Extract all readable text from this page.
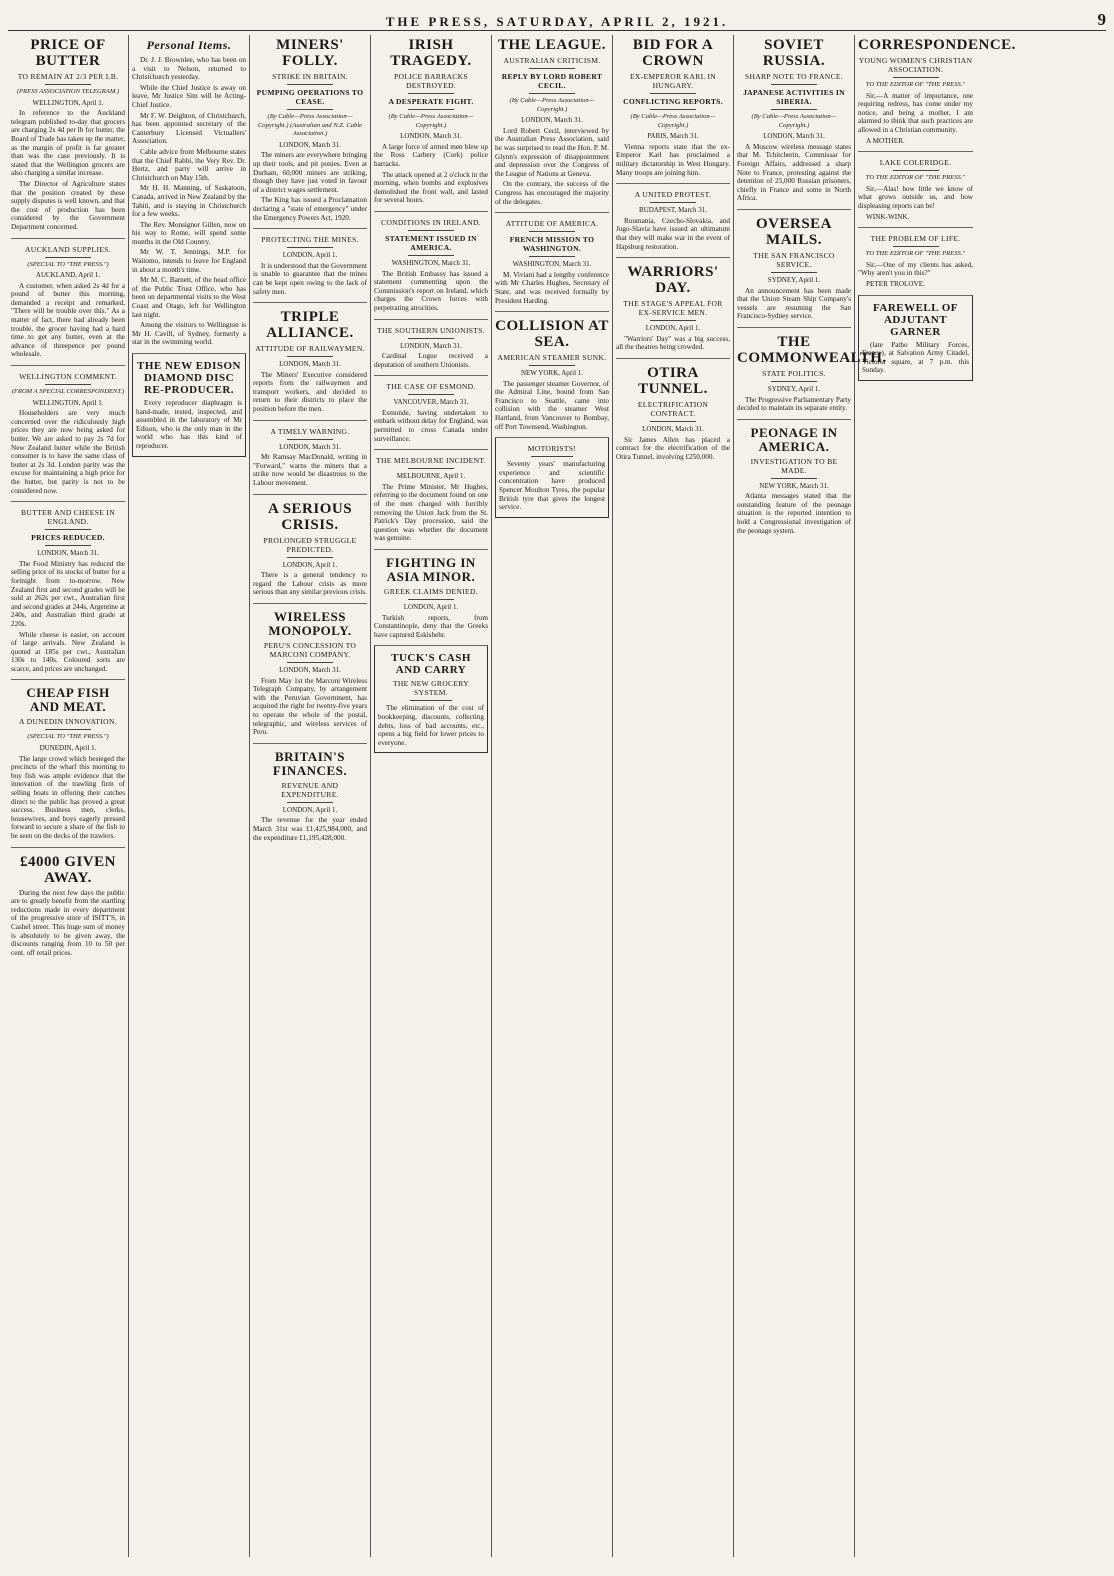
THE PRESS, SATURDAY, APRIL 2, 1921.	9
PRICE OF BUTTER
TO REMAIN AT 2/3 PER LB.
(PRESS ASSOCIATION TELEGRAM.)
WELLINGTON, April 1.

In reference to the Auckland telegram published to-day that grocers are charging 2s 4d per lb for butter, the Board of Trade has taken up the matter, as the margin of profit is far greater than was the case previously. It is stated that the Wellington grocers are also charging a similar increase.

The Director of Agriculture states that the position created by these supply disputes is well known, and that the cost of production has been considered by the Government Department concerned.

AUCKLAND SUPPLIES.
(SPECIAL TO "THE PRESS.")
AUCKLAND, April 1.

A customer, when asked 2s 4d for a pound of butter this morning, demanded a receipt and remarked, "There will be trouble over this." As a matter of fact, there had already been trouble, the grocer having had a hard time to get any butter, even at the advance of threepence per pound wholesale.

WELLINGTON COMMENT.
(FROM A SPECIAL CORRESPONDENT.)
WELLINGTON, April 1.

Householders are very much concerned over the ridiculously high prices they are now being asked for butter. We are asked to pay 2s 7d for New Zealand butter while the British consumer is to have the same class of butter at 2s 3d. London parity was the excuse for maintaining a high price for the butter, but parity is not to be considered now.

BUTTER AND CHEESE IN ENGLAND.
PRICES REDUCED.
LONDON, March 31.

The Food Ministry has reduced the selling price of its stocks of butter for a fortnight from to-morrow. New Zealand first and second grades will be sold at 262s per cwt., Australian first and second grades at 244s, Argentine at 240s, and Australian third grade at 220s.

While cheese is easier, on account of large arrivals. New Zealand is quoted at 185s per cwt., Australian 130s to 140s. Coloured sorts are scarce, and prices are unchanged.

CHEAP FISH AND MEAT.
A DUNEDIN INNOVATION.
(SPECIAL TO "THE PRESS.")
DUNEDIN, April 1.

The large crowd which besieged the precincts of the wharf this morning to buy fish was ample evidence that the innovation of the trawling firm of selling boats in offering their catches direct to the public has proved a great success. Business men, clerks, housewives, and boys eagerly pressed forward to secure a share of the fish to be seen on the decks of the trawlers.

£4000 GIVEN AWAY.

During the next few days the public are to greatly benefit from the startling reductions made in every department of the progressive store of ISITT'S, in Cashel street. This huge sum of money is absolutely to be given away, the discounts ranging from 10 to 50 per cent. off retail prices.

Personal Items.

Dr. J. J. Brownlee, who has been on a visit to Nelson, returned to Christchurch yesterday.

While the Chief Justice is away on leave, Mr Justice Sim will be Acting-Chief Justice.

Mr F. W. Deighton, of Christchurch, has been appointed secretary of the Canterbury Licensed Victuallers' Association.

Cable advice from Melbourne states that the Chief Rabbi, the Very Rev. Dr. Hertz, and party will arrive in Christchurch on May 15th.

Mr H. H. Manning, of Saskatoon, Canada, arrived in New Zealand by the Tahiti, and is staying in Christchurch for a few weeks.

The Rev. Monsignor Gillen, now on his way to Rome, will spend some months in the Old Country.

Mr W. T. Jennings, M.P. for Waitomo, intends to leave for England in about a month's time.

Mr M. C. Barnett, of the head office of the Public Trust Office, who has been on departmental visits to the West Coast and Otago, left for Wellington last night.

Among the visitors to Wellington is Mr H. Cavill, of Sydney, formerly a star in the swimming world.

THE NEW EDISON DIAMOND DISC RE-PRODUCER.

Every reproducer diaphragm is hand-made, tested, inspected, and assembled in the laboratory of Mr Edison, who is the only man in the world who has this kind of reproducer.

MINERS' FOLLY.
STRIKE IN BRITAIN.
PUMPING OPERATIONS TO CEASE.
(By Cable—Press Association—Copyright.) (Australian and N.Z. Cable Association.)
LONDON, March 31.

The miners are everywhere bringing up their tools, and pit ponies. Even at Durham, 60,000 miners are striking, though they have just voted in favour of a district wages settlement.

The King has issued a Proclamation declaring a "state of emergency" under the Emergency Powers Act, 1920.

PROTECTING THE MINES.
LONDON, April 1.

It is understood that the Government is unable to guarantee that the mines can be kept open owing to the lack of safety men.

TRIPLE ALLIANCE.
ATTITUDE OF RAILWAYMEN.
LONDON, March 31.

The Miners' Executive considered reports from the railwaymen and transport workers, and decided to return to their districts to place the position before the men.

A TIMELY WARNING.
LONDON, March 31.

Mr Ramsay MacDonald, writing in "Forward," warns the miners that a strike now would be disastrous to the Labour movement.

A SERIOUS CRISIS.
PROLONGED STRUGGLE PREDICTED.
LONDON, April 1.

There is a general tendency to regard the Labour crisis as more serious than any similar previous crisis.

WIRELESS MONOPOLY.
PERU'S CONCESSION TO MARCONI COMPANY.
LONDON, March 31.

From May 1st the Marconi Wireless Telegraph Company, by arrangement with the Peruvian Government, has acquired the right for twenty-five years to operate the whole of the postal, telegraphic, and wireless services of Peru.

BRITAIN'S FINANCES.
REVENUE AND EXPENDITURE.
LONDON, April 1.

The revenue for the year ended March 31st was £1,425,984,000, and the expenditure £1,195,428,000.

IRISH TRAGEDY.
POLICE BARRACKS DESTROYED.
A DESPERATE FIGHT.
(By Cable—Press Association—Copyright.)
LONDON, March 31.

A large force of armed men blew up the Ross Carbery (Cork) police barracks.

The attack opened at 2 o'clock in the morning, when bombs and explosives demolished the front wall, and lasted for several hours.

CONDITIONS IN IRELAND.
STATEMENT ISSUED IN AMERICA.
WASHINGTON, March 31.

The British Embassy has issued a statement commenting upon the Commission's report on Ireland, which charges the Crown forces with perpetrating atrocities.

THE SOUTHERN UNIONISTS.
LONDON, March 31.

Cardinal Logue received a deputation of southern Unionists.

THE CASE OF ESMOND.
VANCOUVER, March 31.

Esmonde, having undertaken to embark without delay for England, was permitted to cross Canada under surveillance.

THE MELBOURNE INCIDENT.
MELBOURNE, April 1.

The Prime Minister, Mr Hughes, referring to the document found on one of the men charged with forcibly removing the Union Jack from the St. Patrick's Day procession, said the question was whether the document was genuine.

FIGHTING IN ASIA MINOR.
GREEK CLAIMS DENIED.
LONDON, April 1.

Turkish reports, from Constantinople, deny that the Greeks have captured Eskishehr.

TUCK'S CASH AND CARRY
THE NEW GROCERY SYSTEM.

The elimination of the cost of bookkeeping, discounts, collecting debts, loss of bad accounts, etc., opens a big field for lower prices to everyone.

THE LEAGUE.
AUSTRALIAN CRITICISM.
REPLY BY LORD ROBERT CECIL.
(By Cable—Press Association—Copyright.)
LONDON, March 31.

Lord Robert Cecil, interviewed by the Australian Press Association, said he was surprised to read the Hon. P. M. Glynn's expression of disappointment and depression over the Congress of the League of Nations at Geneva.

On the contrary, the success of the Congress has encouraged the majority of the delegates.

ATTITUDE OF AMERICA.
FRENCH MISSION TO WASHINGTON.
WASHINGTON, March 31.

M. Viviani had a lengthy conference with Mr Charles Hughes, Secretary of State, and was received formally by President Harding.

COLLISION AT SEA.
AMERICAN STEAMER SUNK.
NEW YORK, April 1.

The passenger steamer Governor, of the Admiral Line, bound from San Francisco to Seattle, came into collision with the steamer West Hartland, from Vancouver to Bombay, off Port Townsend, Washington.

MOTORISTS!

Seventy years' manufacturing experience and scientific concentration have produced Spencer Moulton Tyres, the popular British tyre that gives the longest service.

BID FOR A CROWN
EX-EMPEROR KARL IN HUNGARY.
CONFLICTING REPORTS.
(By Cable—Press Association—Copyright.)
PARIS, March 31.

Vienna reports state that the ex-Emperor Karl has proclaimed a military dictatorship in West Hungary. Many troops are joining him.

A UNITED PROTEST.
BUDAPEST, March 31.

Roumania, Czecho-Slovakia, and Jugo-Slavia have issued an ultimatum that they will make war in the event of Hapsburg restoration.

WARRIORS' DAY.
THE STAGE'S APPEAL FOR EX-SERVICE MEN.
LONDON, April 1.

"Warriors' Day" was a big success, all the theatres being crowded.

OTIRA TUNNEL.
ELECTRIFICATION CONTRACT.
LONDON, March 31.

Sir James Allen has placed a contract for the electrification of the Otira Tunnel, involving £250,000.

SOVIET RUSSIA.
SHARP NOTE TO FRANCE.
JAPANESE ACTIVITIES IN SIBERIA.
(By Cable—Press Association—Copyright.)
LONDON, March 31.

A Moscow wireless message states that M. Tchitcherin, Commissar for Foreign Affairs, addressed a sharp Note to France, protesting against the detention of 25,000 Russian prisoners, chiefly in France and some in North Africa.

OVERSEA MAILS.
THE SAN FRANCISCO SERVICE.
SYDNEY, April 1.

An announcement has been made that the Union Steam Ship Company's vessels are resuming the San Francisco-Sydney service.

THE COMMONWEALTH.
STATE POLITICS.
SYDNEY, April 1.

The Progressive Parliamentary Party decided to maintain its separate entity.

PEONAGE IN AMERICA.
INVESTIGATION TO BE MADE.
NEW YORK, March 31.

Atlanta messages stated that the outstanding feature of the peonage situation is the reported intention to hold a Congressional investigation of the peonage system.

CORRESPONDENCE.
YOUNG WOMEN'S CHRISTIAN ASSOCIATION.
TO THE EDITOR OF "THE PRESS."

Sir,—A matter of importance, one requiring redress, has come under my notice, and being a mother, I am alarmed to think that such practices are allowed in a Christian community.

A MOTHER.

LAKE COLERIDGE.
TO THE EDITOR OF "THE PRESS."

Sir,—Alas! how little we know of what grows outside us, and how displeasing reports can be!

WINK-WINK.

THE PROBLEM OF LIFE.
TO THE EDITOR OF "THE PRESS."

Sir,—One of my clients has asked, "Why aren't you in this?"

PETER TROLOVE.

FAREWELL OF ADJUTANT GARNER

(late Patho Military Forces, France), at Salvation Army Citadel, Victoria square, at 7 p.m. this Sunday.
